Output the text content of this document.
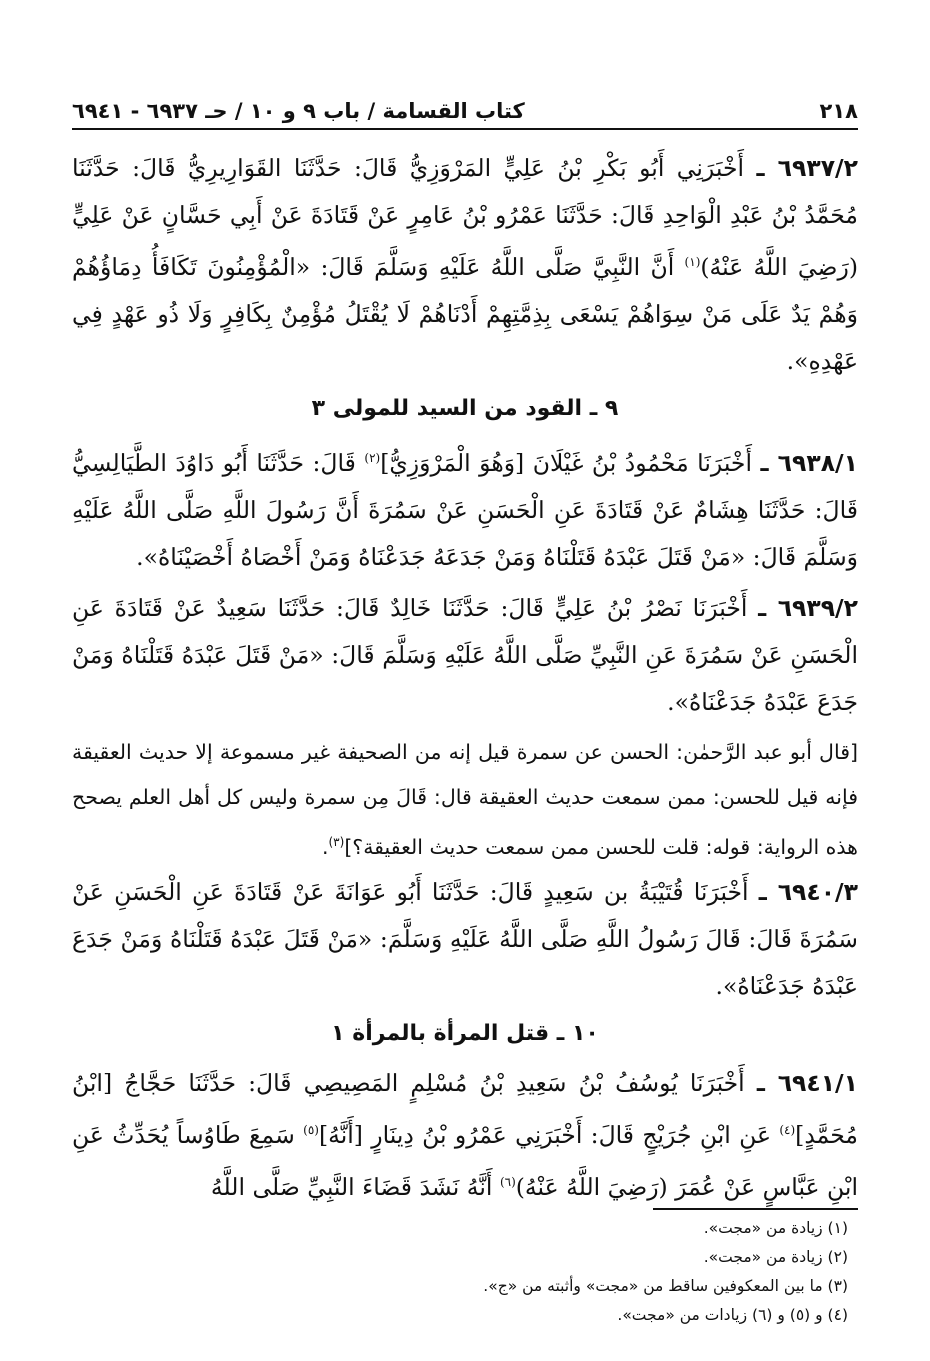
٢١٨
كتاب القسامة / باب ٩ و ١٠ / حـ ٦٩٣٧ - ٦٩٤١

٦٩٣٧/٢ ـ أَخْبَرَنِي أَبُو بَكْرِ بْنُ عَلِيٍّ المَرْوَزِيُّ قَالَ: حَدَّثَنَا القَوَارِيرِيُّ قَالَ: حَدَّثَنَا مُحَمَّدُ بْنُ عَبْدِ الْوَاحِدِ قَالَ: حَدَّثَنَا عَمْرُو بْنُ عَامِرٍ عَنْ قَتَادَةَ عَنْ أَبِي حَسَّانٍ عَنْ عَلِيٍّ (رَضِيَ اللَّهُ عَنْهُ)$^{(١)}$ أَنَّ النَّبِيَّ صَلَّى اللَّهُ عَلَيْهِ وَسَلَّمَ قَالَ: «الْمُؤْمِنُونَ تَكَافَأُ دِمَاؤُهُمْ وَهُمْ يَدٌ عَلَى مَنْ سِوَاهُمْ يَسْعَى بِذِمَّتِهِمْ أَدْنَاهُمْ لَا يُقْتَلُ مُؤْمِنٌ بِكَافِرٍ وَلَا ذُو عَهْدٍ فِي عَهْدِهِ».

٩ ـ القود من السيد للمولى ٣

٦٩٣٨/١ ـ أَخْبَرَنَا مَحْمُودُ بْنُ غَيْلَانَ [وَهُوَ الْمَرْوَزِيُّ]$^{(٢)}$ قَالَ: حَدَّثَنَا أَبُو دَاوُدَ الطَّيَالِسِيُّ قَالَ: حَدَّثَنَا هِشَامٌ عَنْ قَتَادَةَ عَنِ الْحَسَنِ عَنْ سَمُرَةَ أَنَّ رَسُولَ اللَّهِ صَلَّى اللَّهُ عَلَيْهِ وَسَلَّمَ قَالَ: «مَنْ قَتَلَ عَبْدَهُ قَتَلْنَاهُ وَمَنْ جَدَعَهُ جَدَعْنَاهُ وَمَنْ أَخْصَاهُ أَخْصَيْنَاهُ».

٦٩٣٩/٢ ـ أَخْبَرَنَا نَصْرُ بْنُ عَلِيٍّ قَالَ: حَدَّثَنَا خَالِدٌ قَالَ: حَدَّثَنَا سَعِيدٌ عَنْ قَتَادَةَ عَنِ الْحَسَنِ عَنْ سَمُرَةَ عَنِ النَّبِيِّ صَلَّى اللَّهُ عَلَيْهِ وَسَلَّمَ قَالَ: «مَنْ قَتَلَ عَبْدَهُ قَتَلْنَاهُ وَمَنْ جَدَعَ عَبْدَهُ جَدَعْنَاهُ».

[قال أبو عبد الرَّحمٰن: الحسن عن سمرة قيل إنه من الصحيفة غير مسموعة إلا حديث العقيقة فإنه قيل للحسن: ممن سمعت حديث العقيقة قال: قَالَ مِن سمرة وليس كل أهل العلم يصحح هذه الرواية: قوله: قلت للحسن ممن سمعت حديث العقيقة؟]$^{(٣)}$.

٦٩٤٠/٣ ـ أَخْبَرَنَا قُتَيْبَةُ بن سَعِيدٍ قَالَ: حَدَّثَنَا أَبُو عَوَانَةَ عَنْ قَتَادَةَ عَنِ الْحَسَنِ عَنْ سَمُرَةَ قَالَ: قَالَ رَسُولُ اللَّهِ صَلَّى اللَّهُ عَلَيْهِ وَسَلَّمَ: «مَنْ قَتَلَ عَبْدَهُ قَتَلْنَاهُ وَمَنْ جَدَعَ عَبْدَهُ جَدَعْنَاهُ».

١٠ ـ قتل المرأة بالمرأة ١

٦٩٤١/١ ـ أَخْبَرَنَا يُوسُفُ بْنُ سَعِيدِ بْنُ مُسْلِمٍ المَصِيصِي قَالَ: حَدَّثَنَا حَجَّاجُ [ابْنُ مُحَمَّدٍ]$^{(٤)}$ عَنِ ابْنِ جُرَيْجٍ قَالَ: أَخْبَرَنِي عَمْرُو بْنُ دِينَارٍ [أَنَّهُ]$^{(٥)}$ سَمِعَ طَاوُساً يُحَدِّثُ عَنِ ابْنِ عَبَّاسٍ عَنْ عُمَرَ (رَضِيَ اللَّهُ عَنْهُ)$^{(٦)}$ أَنَّهُ نَشَدَ قَضَاءَ النَّبِيِّ صَلَّى اللَّهُ

(١) زيادة من «مجت».
(٢) زيادة من «مجت».
(٣) ما بين المعكوفين ساقط من «مجت» وأثبته من «ج».
(٤) و (٥) و (٦) زيادات من «مجت».
